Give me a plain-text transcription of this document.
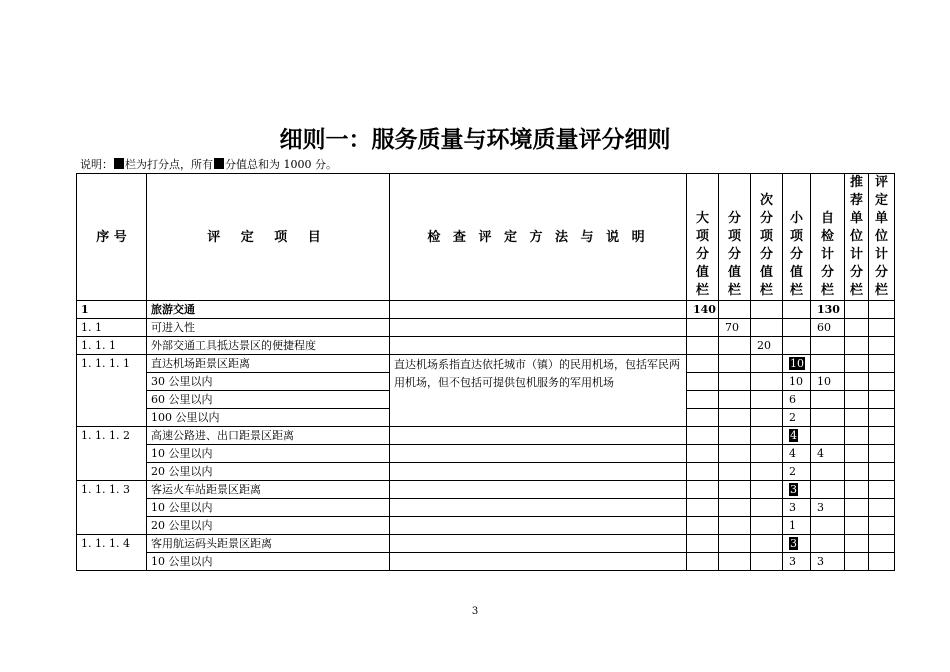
细则一：服务质量与环境质量评分细则
说明： 栏为打分点，所有 分值总和为 1000 分。
序 号	评 定 项 目	检 查 评 定 方 法 与 说 明	大项分值栏	分项分值栏	次分项分值栏	小项分值栏	自检计分栏	推荐单位计分栏	评定单位计分栏
1	旅游交通		140				130		
1. 1	可进入性			70			60		
1. 1. 1	外部交通工具抵达景区的便捷程度				20				
1. 1. 1. 1	直达机场距景区距离	直达机场系指直达依托城市（镇）的民用机场，包括军民两用机场，但不包括可提供包机服务的军用机场				10			
	30 公里以内					10	10		
	60 公里以内					6			
	100 公里以内					2			
1. 1. 1. 2	高速公路进、出口距景区距离					4			
	10 公里以内					4	4		
	20 公里以内					2			
1. 1. 1. 3	客运火车站距景区距离					3			
	10 公里以内					3	3		
	20 公里以内					1			
1. 1. 1. 4	客用航运码头距景区距离					3			
	10 公里以内					3	3		
3
